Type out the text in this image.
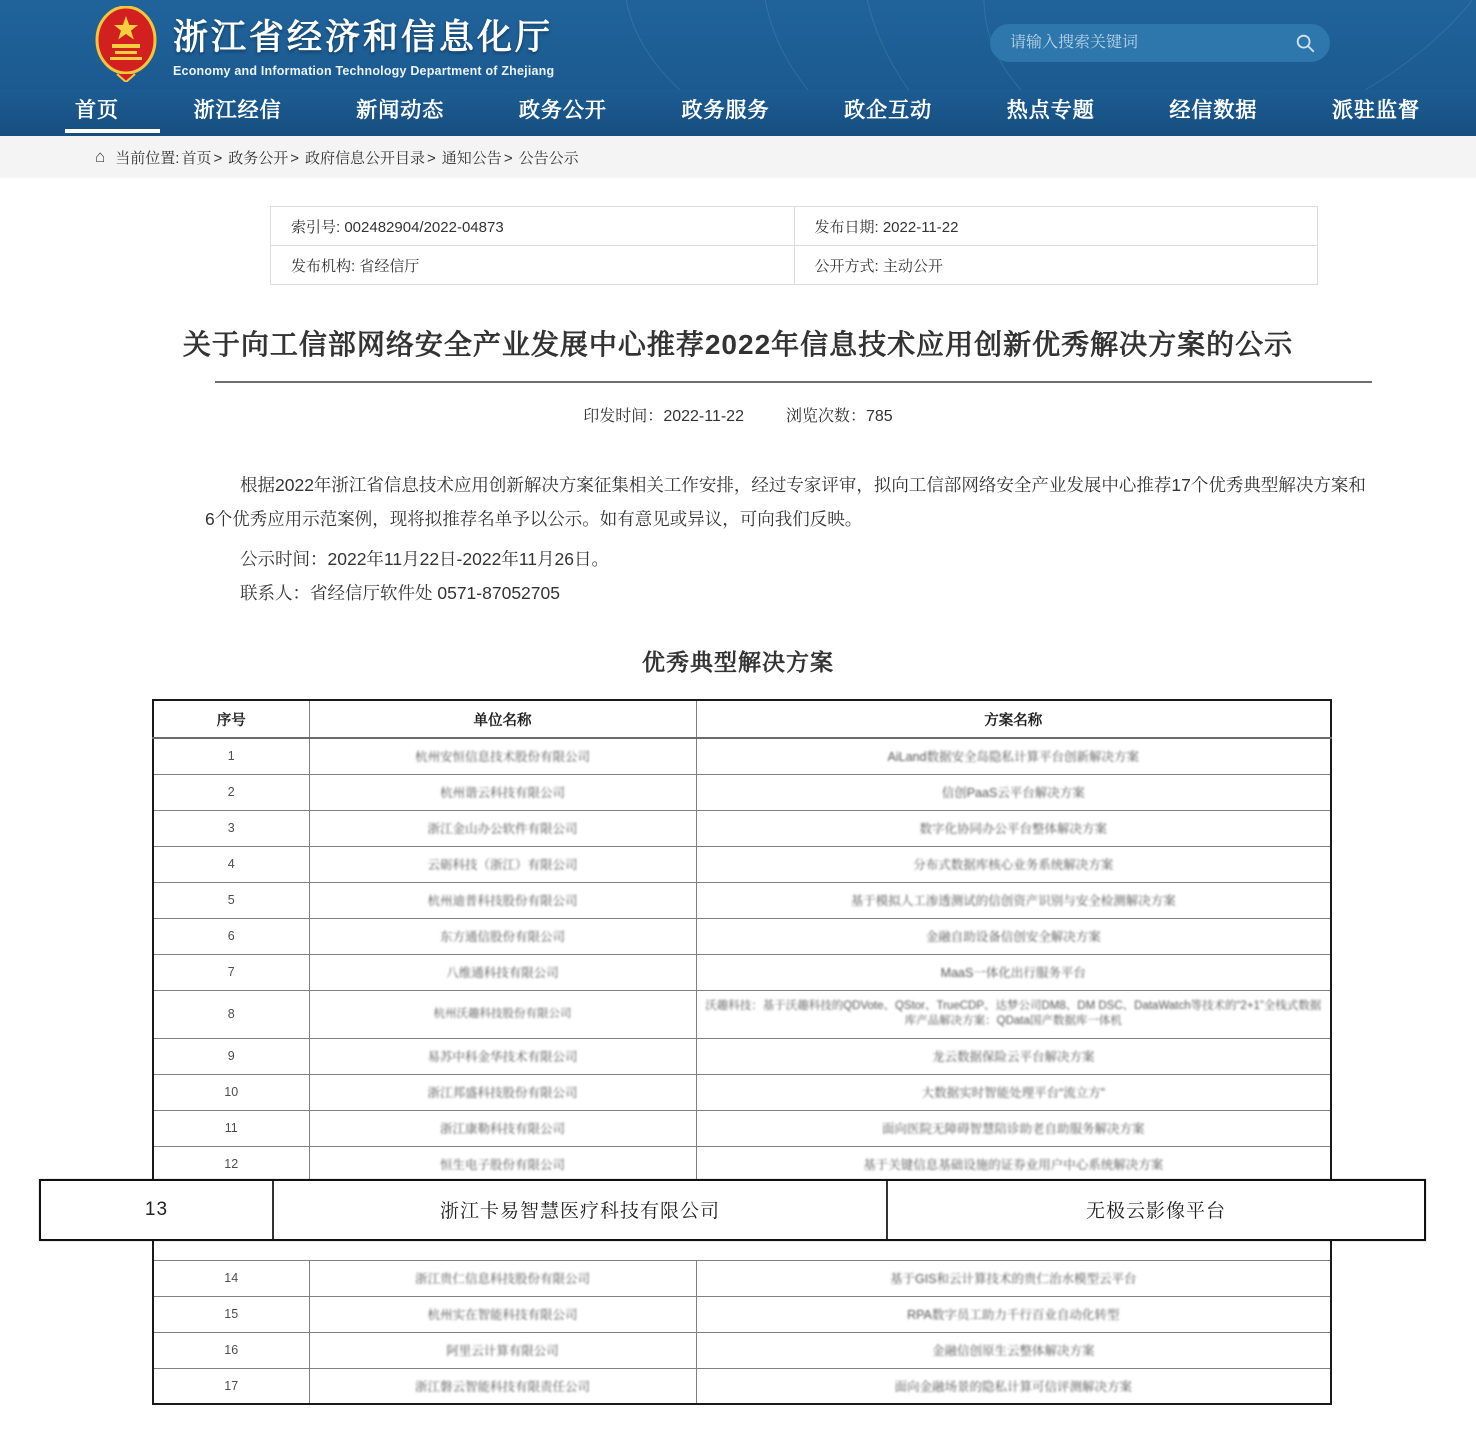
浙江省经济和信息化厅
Economy and Information Technology Department of Zhejiang
请输入搜索关键词
首页	浙江经信	新闻动态	政务公开	政务服务	政企互动	热点专题	经信数据	派驻监督
⌂ 当前位置: 首页 > 政务公开 > 政府信息公开目录 > 通知公告 > 公告公示
索引号: 002482904/2022-04873	发布日期: 2022-11-22
发布机构: 省经信厅	公开方式: 主动公开
关于向工信部网络安全产业发展中心推荐2022年信息技术应用创新优秀解决方案的公示
印发时间：2022-11-22	浏览次数：785

根据2022年浙江省信息技术应用创新解决方案征集相关工作安排，经过专家评审，拟向工信部网络安全产业发展中心推荐17个优秀典型解决方案和6个优秀应用示范案例，现将拟推荐名单予以公示。如有意见或异议，可向我们反映。

公示时间：2022年11月22日-2022年11月26日。

联系人：省经信厅软件处 0571-87052705

优秀典型解决方案
序号	单位名称	方案名称
1	杭州安恒信息技术股份有限公司	AiLand数据安全岛隐私计算平台创新解决方案
2	杭州谐云科技有限公司	信创PaaS云平台解决方案
3	浙江金山办公软件有限公司	数字化协同办公平台整体解决方案
4	云砺科技（浙江）有限公司	分布式数据库核心业务系统解决方案
5	杭州迪普科技股份有限公司	基于模拟人工渗透测试的信创资产识别与安全检测解决方案
6	东方通信股份有限公司	金融自助设备信创安全解决方案
7	八维通科技有限公司	MaaS一体化出行服务平台
8	杭州沃趣科技股份有限公司	沃趣科技：基于沃趣科技的QDVote、QStor、TrueCDP、达梦公司DM8、DM DSC、DataWatch等技术的“2+1”全栈式数据库产品解决方案：QData国产数据库一体机
9	易苏中科金华技术有限公司	龙云数据保险云平台解决方案
10	浙江邦盛科技股份有限公司	大数据实时智能处理平台“流立方”
11	浙江康勒科技有限公司	面向医院无障碍智慧陪诊助老自助服务解决方案
12	恒生电子股份有限公司	基于关键信息基础设施的证券业用户中心系统解决方案

13 浙江卡易智慧医疗科技有限公司 无极云影像平台		

14	浙江贵仁信息科技股份有限公司	基于GIS和云计算技术的贵仁治水模型云平台
15	杭州实在智能科技有限公司	RPA数字员工助力千行百业自动化转型
16	阿里云计算有限公司	金融信创原生云整体解决方案
17	浙江磐云智能科技有限责任公司	面向金融场景的隐私计算可信评测解决方案
